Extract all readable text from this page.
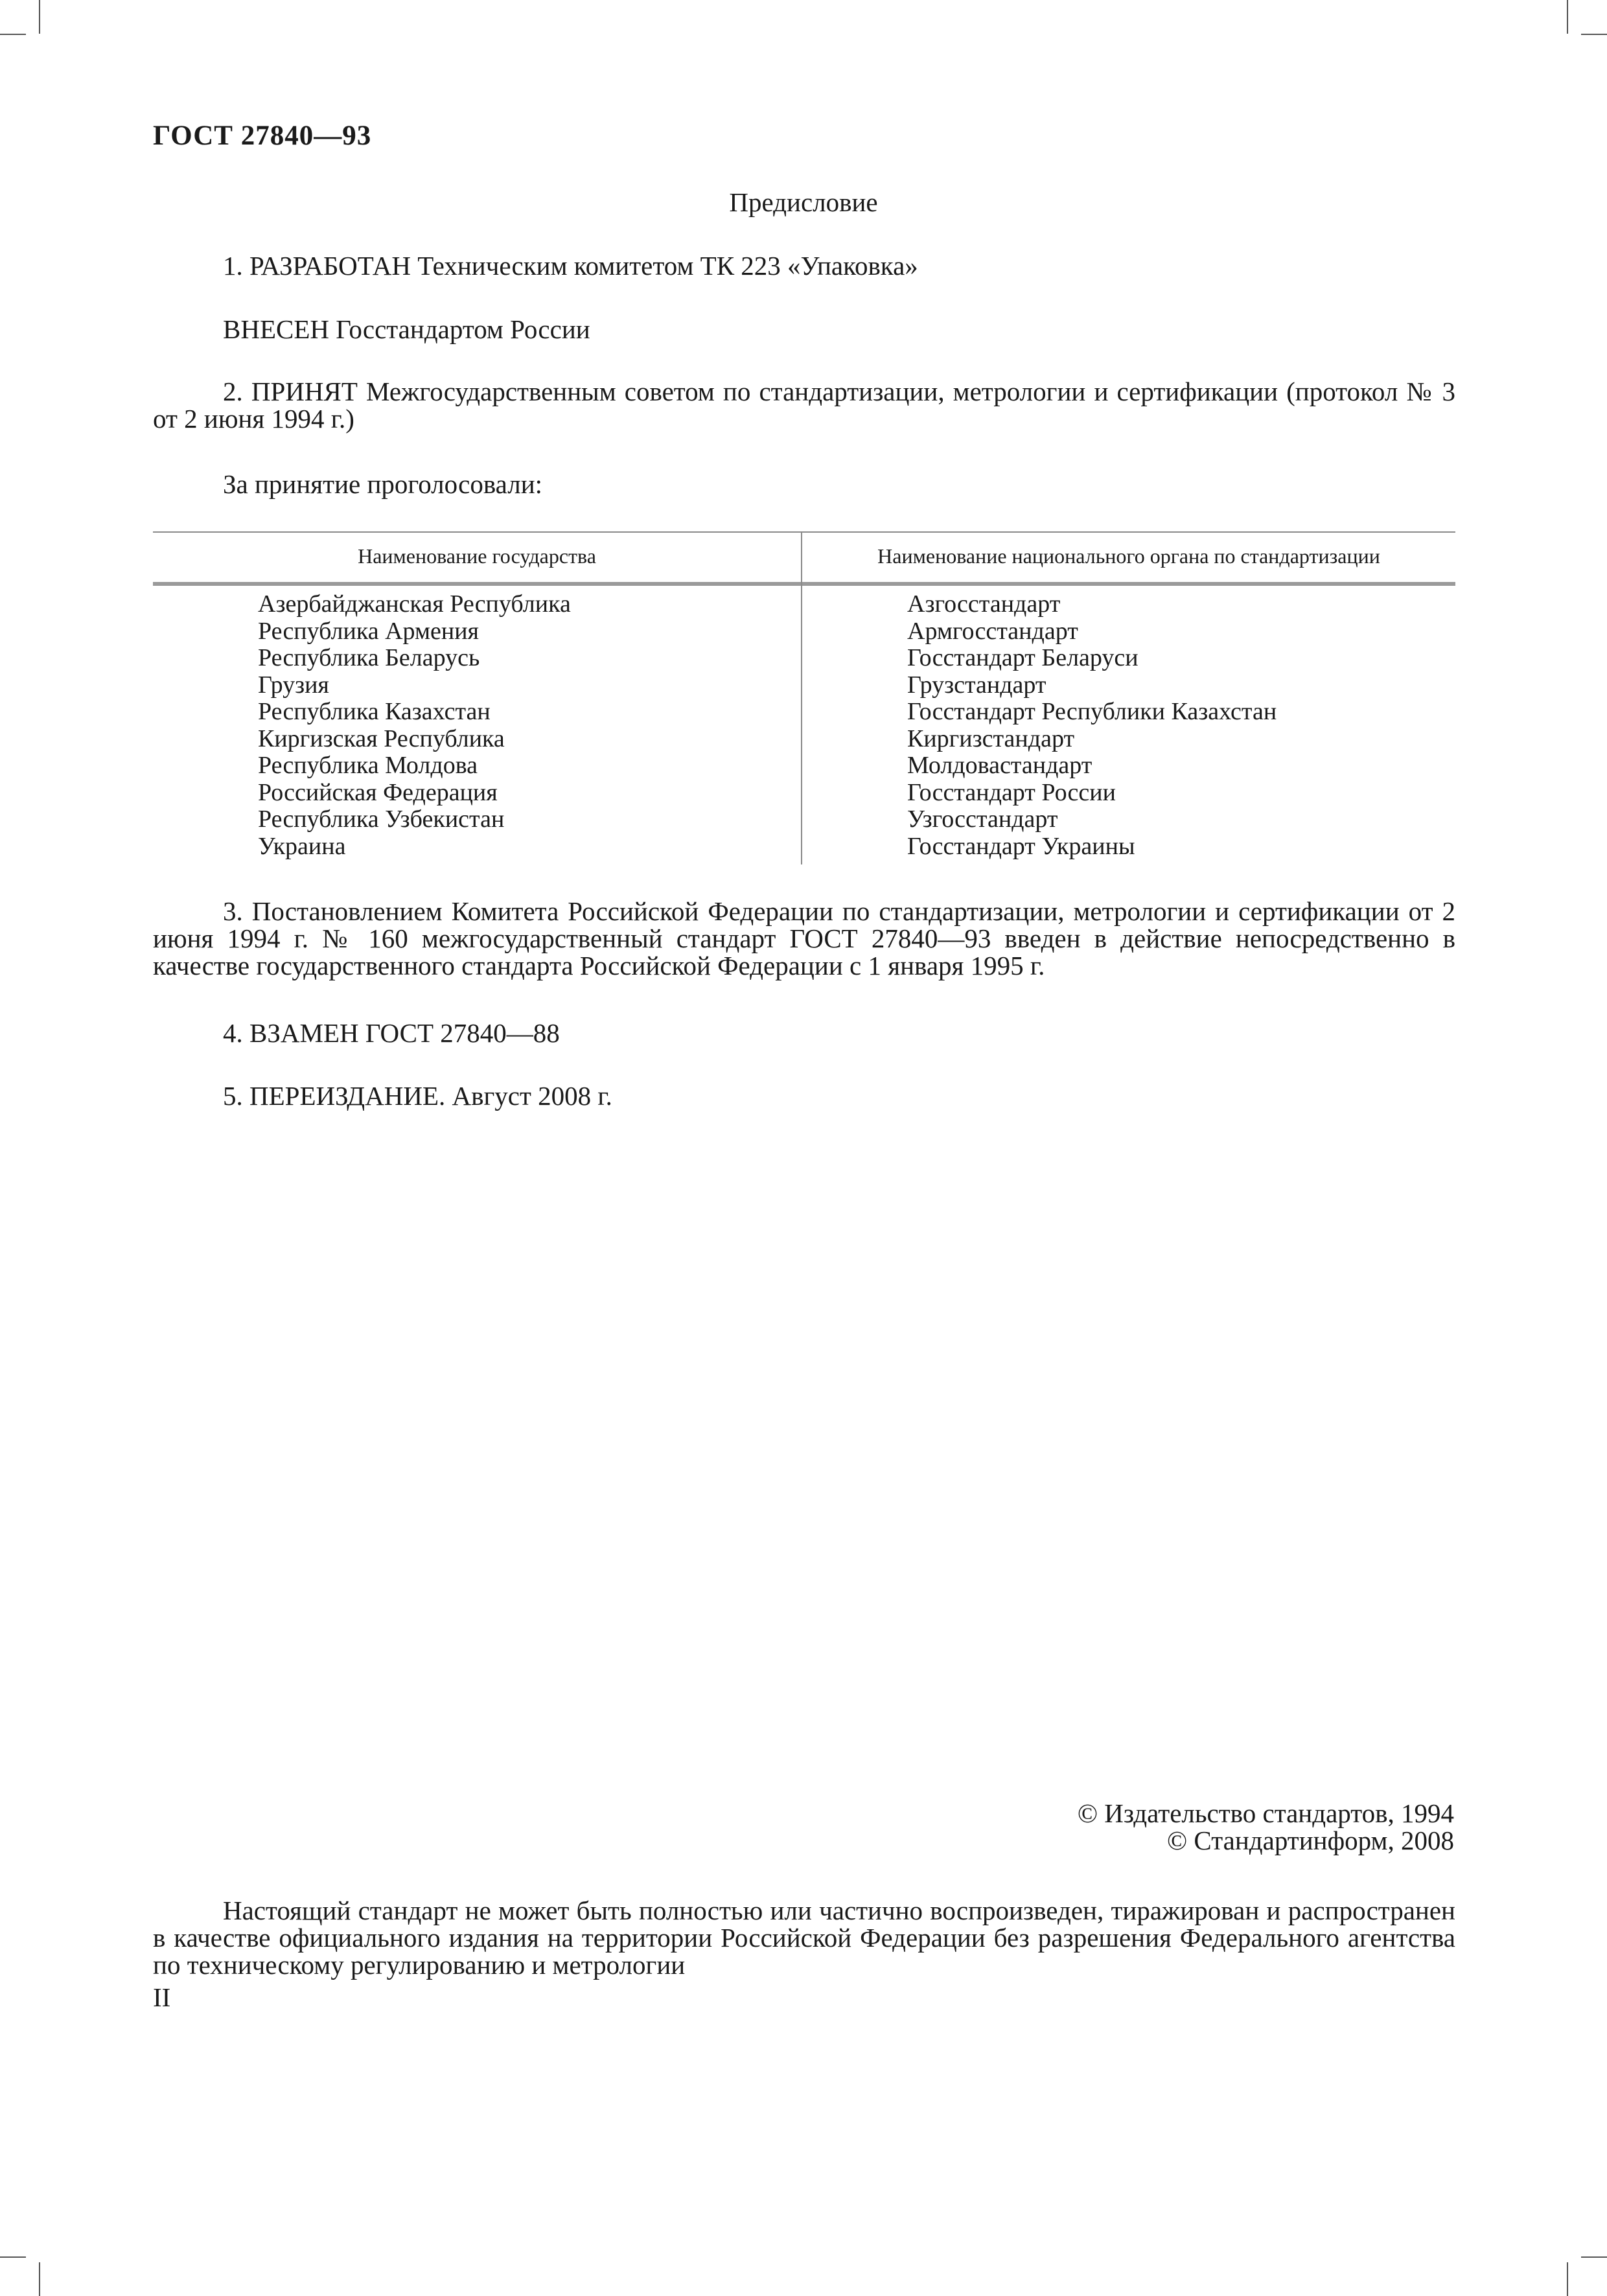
ГОСТ 27840—93
Предисловие

1. РАЗРАБОТАН Техническим комитетом ТК 223 «Упаковка»

ВНЕСЕН Госстандартом России

2. ПРИНЯТ Межгосударственным советом по стандартизации, метрологии и сертификации (протокол № 3 от 2 июня 1994 г.)

За принятие проголосовали:

Наименование государства	Наименование национального органа по стандартизации
Азербайджанская Республика
Республика Армения
Республика Беларусь
Грузия
Республика Казахстан
Киргизская Республика
Республика Молдова
Российская Федерация
Республика Узбекистан
Украина
Азгосстандарт
Армгосстандарт
Госстандарт Беларуси
Грузстандарт
Госстандарт Республики Казахстан
Киргизстандарт
Молдовастандарт
Госстандарт России
Узгосстандарт
Госстандарт Украины

3. Постановлением Комитета Российской Федерации по стандартизации, метрологии и сертификации от 2 июня 1994 г. № 160 межгосударственный стандарт ГОСТ 27840—93 введен в действие непосредственно в качестве государственного стандарта Российской Федерации с 1 января 1995 г.

4. ВЗАМЕН ГОСТ 27840—88

5. ПЕРЕИЗДАНИЕ. Август 2008 г.

© Издательство стандартов, 1994
© Стандартинформ, 2008

Настоящий стандарт не может быть полностью или частично воспроизведен, тиражирован и распространен в качестве официального издания на территории Российской Федерации без разрешения Федерального агентства по техническому регулированию и метрологии

II
